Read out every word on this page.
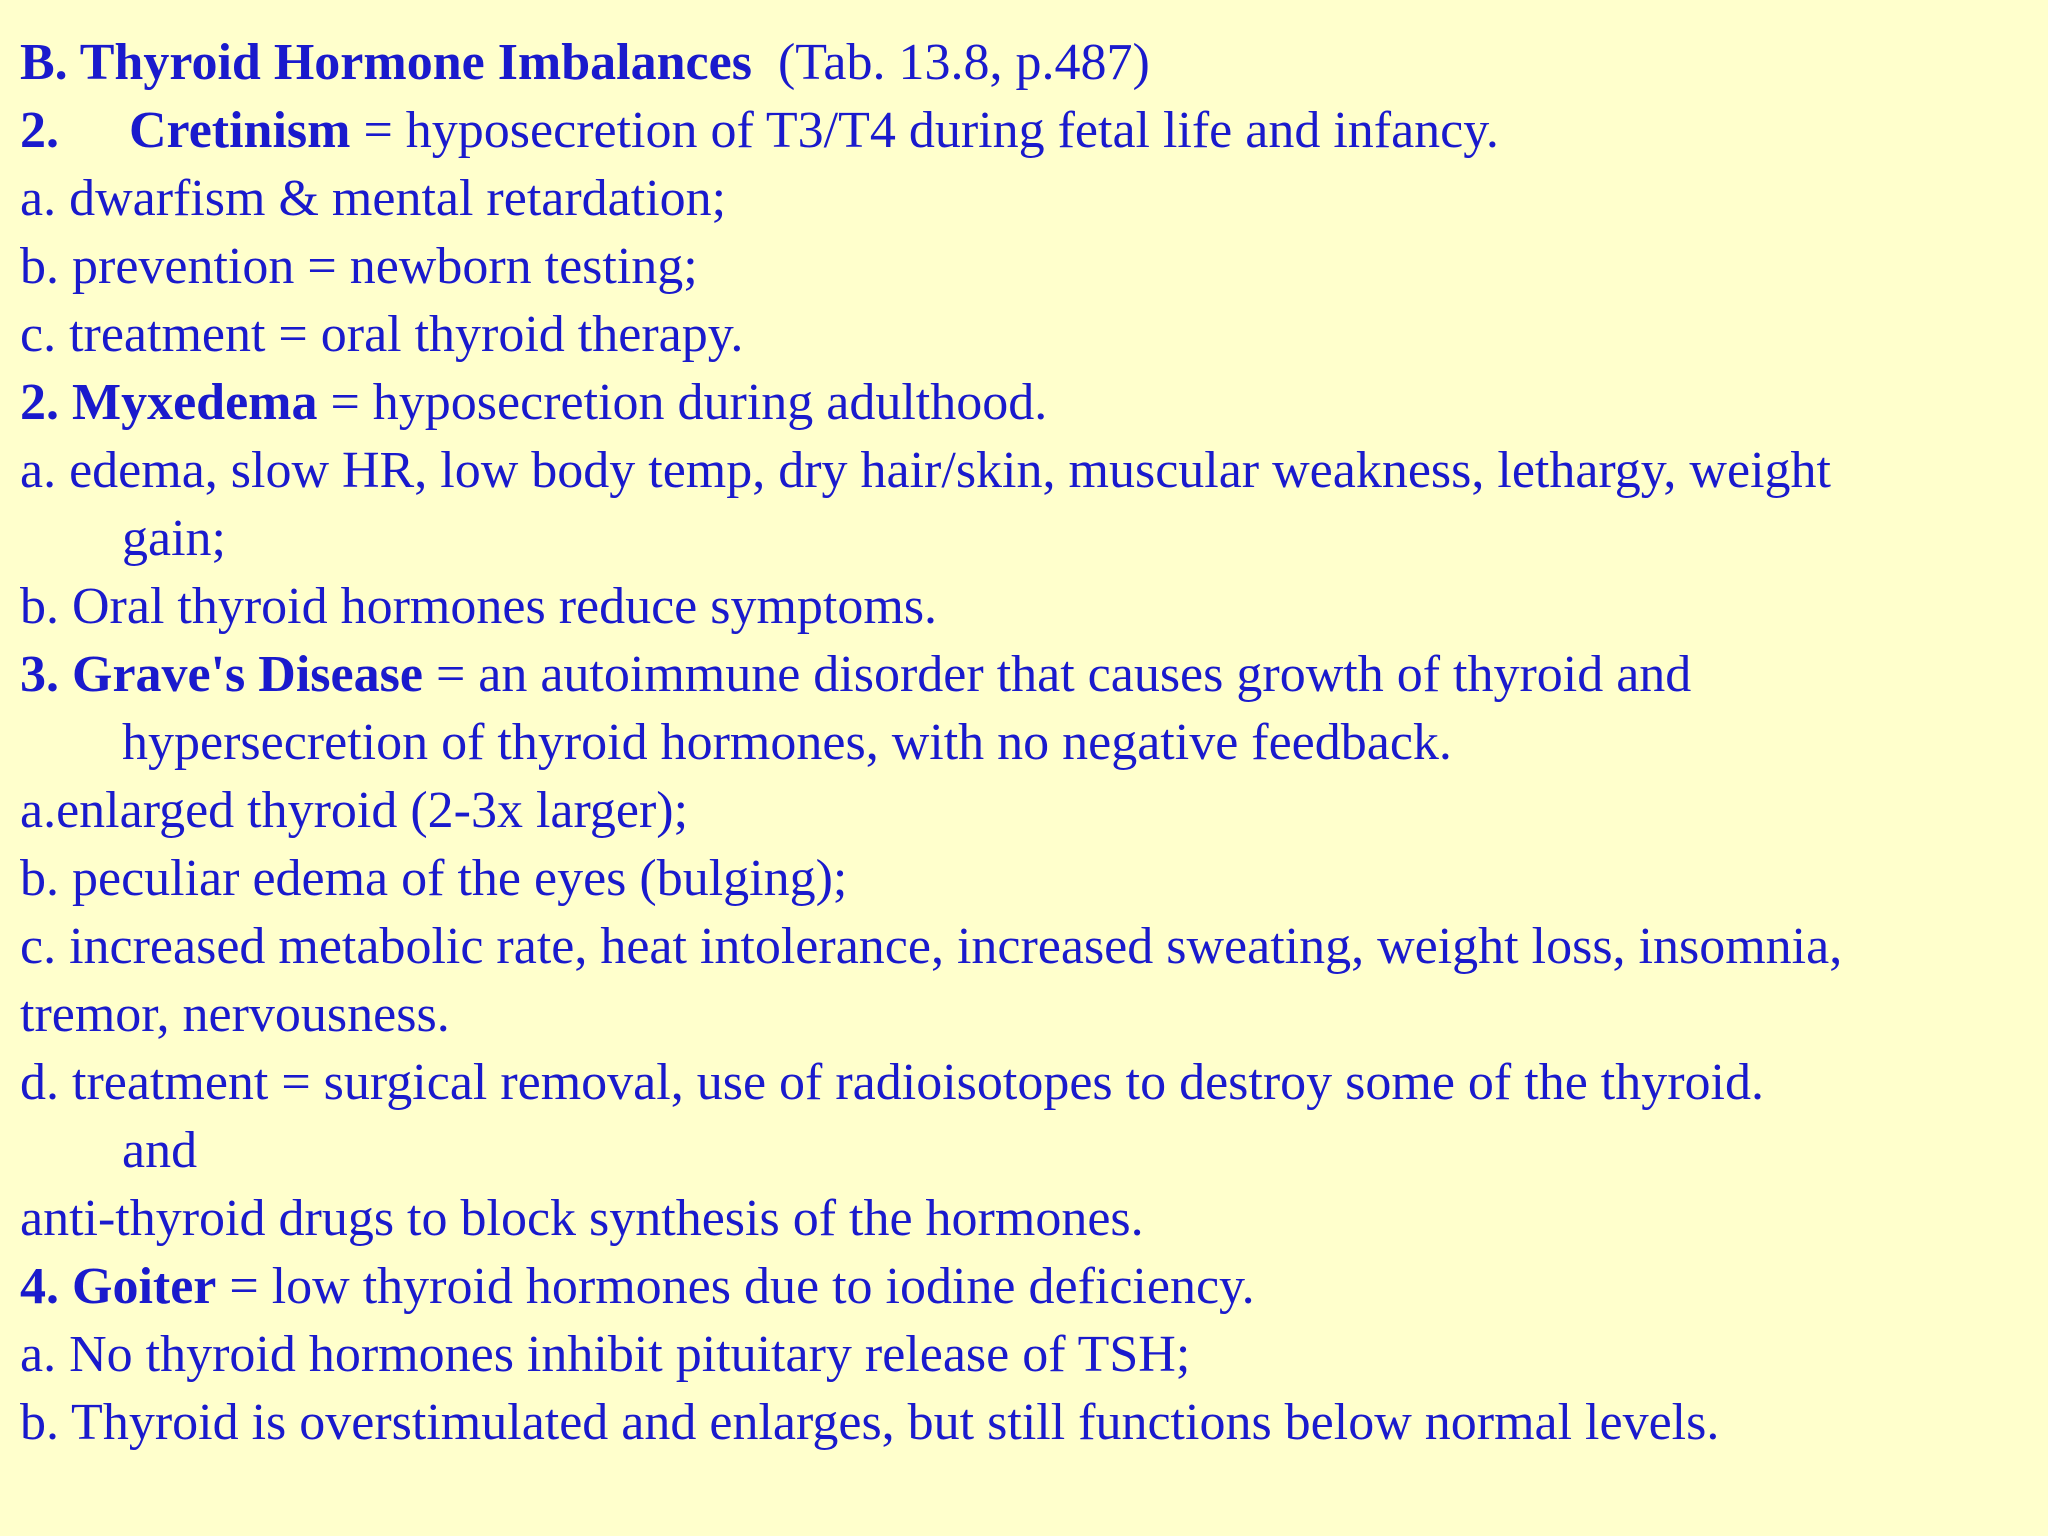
B. Thyroid Hormone Imbalances (Tab. 13.8, p.487)
2. Cretinism = hyposecretion of T3/T4 during fetal life and infancy.
a. dwarfism & mental retardation;
b. prevention = newborn testing;
c. treatment = oral thyroid therapy.
2. Myxedema = hyposecretion during adulthood.
a. edema, slow HR, low body temp, dry hair/skin, muscular weakness, lethargy, weight
gain;
b. Oral thyroid hormones reduce symptoms.
3. Grave's Disease = an autoimmune disorder that causes growth of thyroid and
hypersecretion of thyroid hormones, with no negative feedback.
a.enlarged thyroid (2-3x larger);
b. peculiar edema of the eyes (bulging);
c. increased metabolic rate, heat intolerance, increased sweating, weight loss, insomnia,
tremor, nervousness.
d. treatment = surgical removal, use of radioisotopes to destroy some of the thyroid.
and
anti-thyroid drugs to block synthesis of the hormones.
4. Goiter = low thyroid hormones due to iodine deficiency.
a. No thyroid hormones inhibit pituitary release of TSH;
b. Thyroid is overstimulated and enlarges, but still functions below normal levels.
